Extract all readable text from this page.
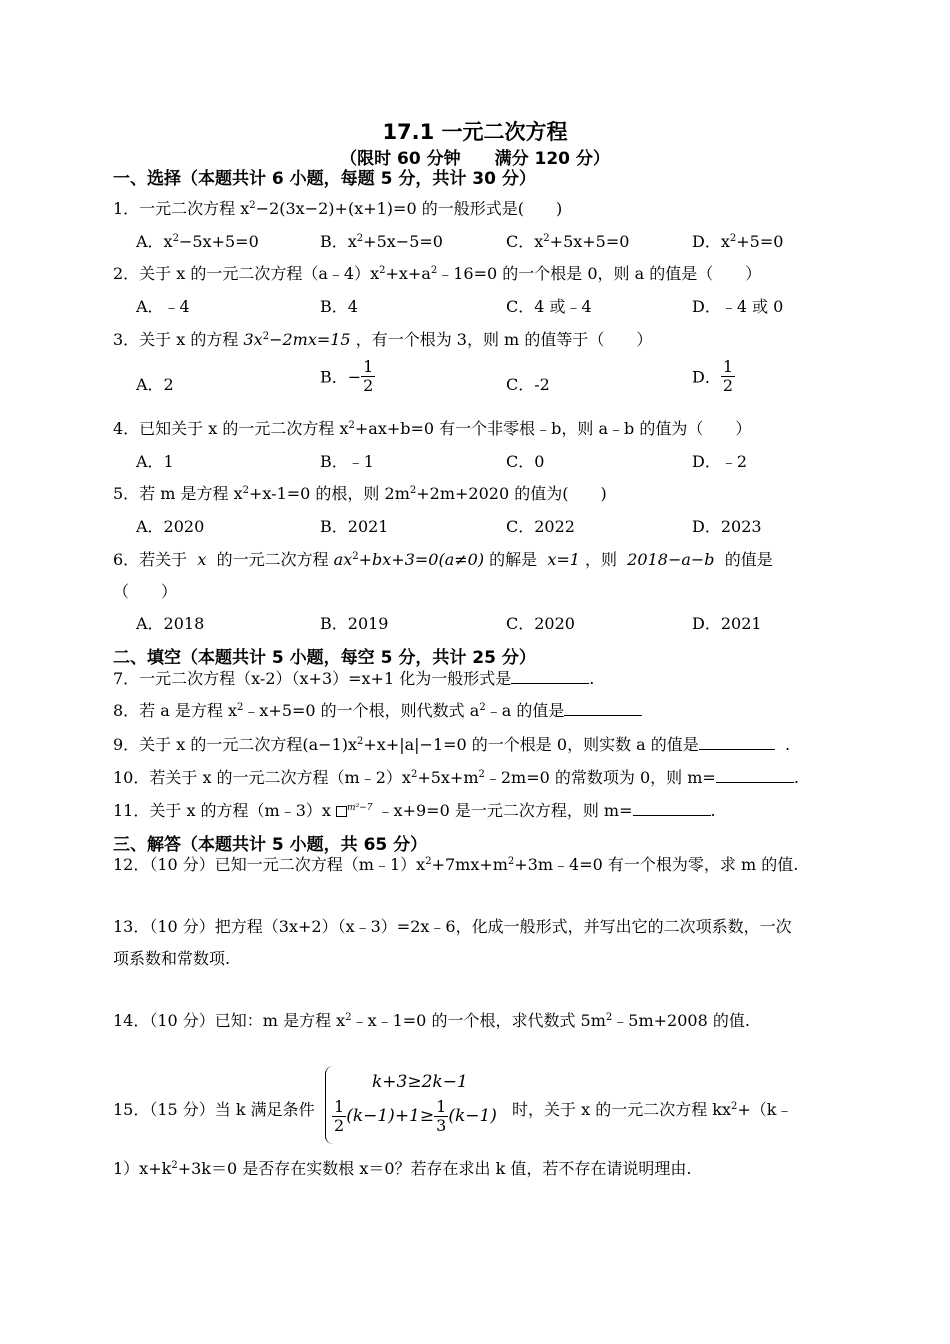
17.1 一元二次方程
（限时 60 分钟　　满分 120 分）
一、选择（本题共计 6 小题，每题 5 分，共计 30 分）
1．一元二次方程 $x^2-2(3x-2)+(x+1)=0$ 的一般形式是(　　)
A．$x^2-5x+5=0$	B．$x^2+5x-5=0$	C．$x^2+5x+5=0$	D．$x^2+5=0$
2．关于 x 的一元二次方程$(a﹣4)x^2+x+a^2﹣16=0$ 的一个根是 0，则 a 的值是（　　）
A．﹣4	B．4	C．4 或﹣4	D．﹣4 或 0
3．关于 x 的方程 $3x^2-2mx=15$ ，有一个根为 3，则 m 的值等于（　　）
A．2	B．− $\frac{1}{2}$	C．-2	D． $\frac{1}{2}$
4．已知关于 x 的一元二次方程 $x^2+ax+b=0$ 有一个非零根﹣b，则 a﹣b 的值为（　　）
A．1	B．﹣1	C．0	D．﹣2
5．若 m 是方程 $x^2+x-1=0$ 的根，则 $2m^2+2m+2020$ 的值为(　　)
A．2020	B．2021	C．2022	D．2023
6．若关于 x 的一元二次方程 $ax^2+bx+3=0(a\ne 0)$ 的解是 x=1 ，则 2018−a−b 的值是
（　　）
A．2018	B．2019	C．2020	D．2021
二、填空（本题共计 5 小题，每空 5 分，共计 25 分）
7．一元二次方程（x-2）（x+3）=x+1 化为一般形式是	.
8．若 a 是方程 $x^2﹣x+5=0$ 的一个根，则代数式 $a^2﹣a$ 的值是
9．关于 x 的一元二次方程$(a-1)x^2+x+|a|-1=0$ 的一个根是 0，则实数 a 的值是	.
10．若关于 x 的一元二次方程$(m﹣2)x^2+5x+m^2﹣2m=0$ 的常数项为 0，则 m=	.
11．关于 x 的方程（m﹣3）x $^{m^2-7}$ ﹣x+9=0 是一元二次方程，则 m=	.
三、解答（本题共计 5 小题，共 65 分）
12．（10 分）已知一元二次方程$(m﹣1)x^2+7mx+m^2+3m﹣4=0$ 有一个根为零，求 m 的值.
13．（10 分）把方程（3x+2）（x﹣3）=2x﹣6，化成一般形式，并写出它的二次项系数，一次
项系数和常数项.
14．（10 分）已知：m 是方程 $x^2﹣x﹣1=0$ 的一个根，求代数式 $5m^2﹣5m+2008$ 的值.
15．（15 分）当 k 满足条件
k+3≥2k−1
$\frac{1}{2} (k-1)+1\ge \frac{1}{3} (k-1)$ 时，关于 x 的一元二次方程 $kx^2+(k﹣$
$1)x+k^2+3k=0$ 是否存在实数根 x＝0？若存在求出 k 值，若不存在请说明理由.
